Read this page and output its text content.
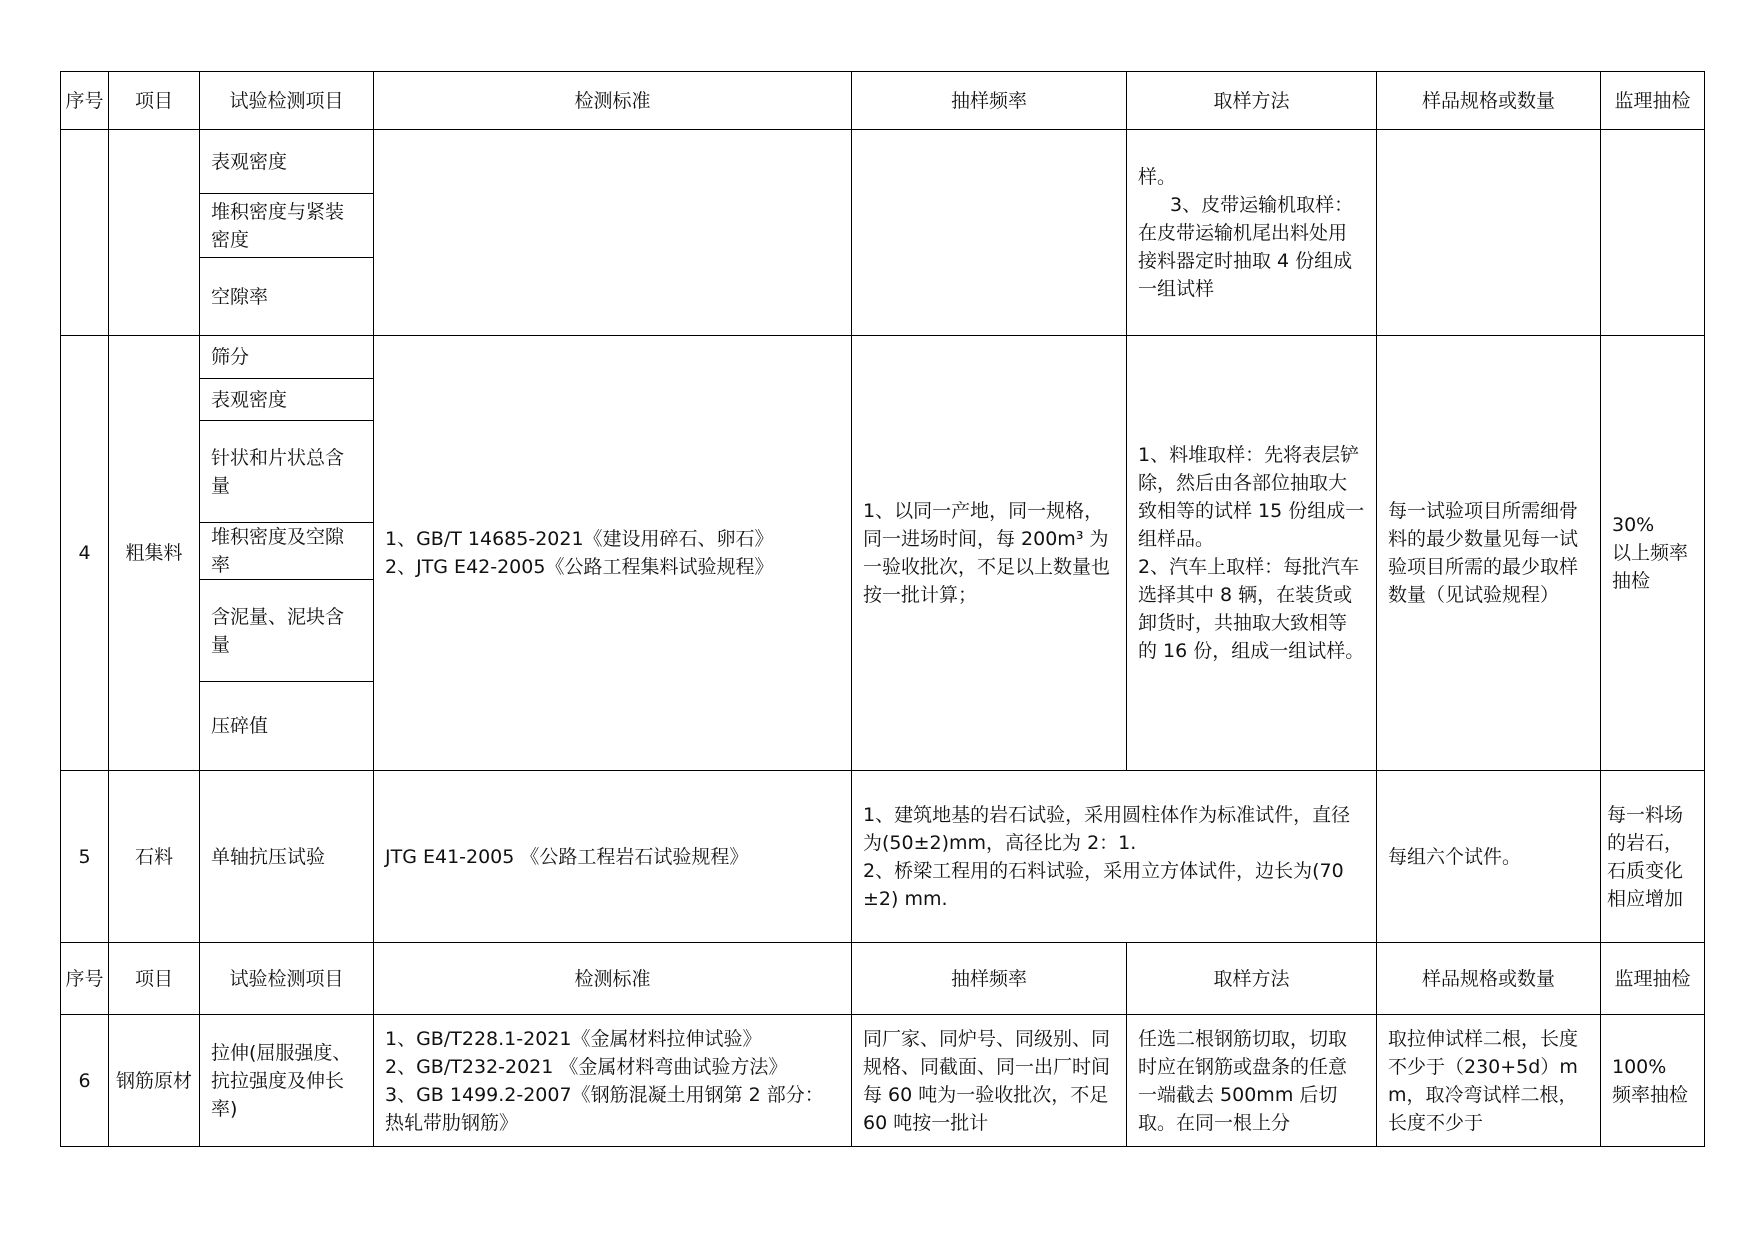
序号	项目	试验检测项目	检测标准	抽样频率	取样方法	样品规格或数量	监理抽检
		表观密度			样。
3、皮带运输机取样：在皮带运输机尾出料处用接料器定时抽取 4 份组成一组试样		

		堆积密度与紧装密度					
		空隙率					
4	粗集料	筛分	1、GB/T 14685-2021《建设用碎石、卵石》
2、JTG E42-2005《公路工程集料试验规程》	1、以同一产地，同一规格，同一进场时间，每 200m³ 为一验收批次，不足以上数量也按一批计算；	1、料堆取样：先将表层铲除，然后由各部位抽取大致相等的试样 15 份组成一组样品。
2、汽车上取样：每批汽车选择其中 8 辆，在装货或卸货时，共抽取大致相等的 16 份，组成一组试样。	每一试验项目所需细骨料的最少数量见每一试验项目所需的最少取样数量（见试验规程）	30%
以上频率抽检
		表观密度					
		针状和片状总含量					
		堆积密度及空隙率					
		含泥量、泥块含量					
		压碎值					
5	石料	单轴抗压试验	JTG E41-2005 《公路工程岩石试验规程》	1、建筑地基的岩石试验，采用圆柱体作为标准试件，直径为(50±2)mm，高径比为 2：1.
2、桥梁工程用的石料试验，采用立方体试件，边长为(70±2) mm.		每组六个试件。	每一料场的岩石，石质变化相应增加
序号	项目	试验检测项目	检测标准	抽样频率	取样方法	样品规格或数量	监理抽检
6	钢筋原材	拉伸(屈服强度、抗拉强度及伸长率)	1、GB/T228.1-2021《金属材料拉伸试验》
2、GB/T232-2021 《金属材料弯曲试验方法》
3、GB 1499.2-2007《钢筋混凝土用钢第 2 部分：热轧带肋钢筋》	同厂家、同炉号、同级别、同规格、同截面、同一出厂时间每 60 吨为一验收批次，不足 60 吨按一批计	任选二根钢筋切取，切取时应在钢筋或盘条的任意一端截去 500mm 后切取。在同一根上分	取拉伸试样二根，长度不少于（230+5d）mm，取冷弯试样二根，长度不少于	100%
频率抽检
